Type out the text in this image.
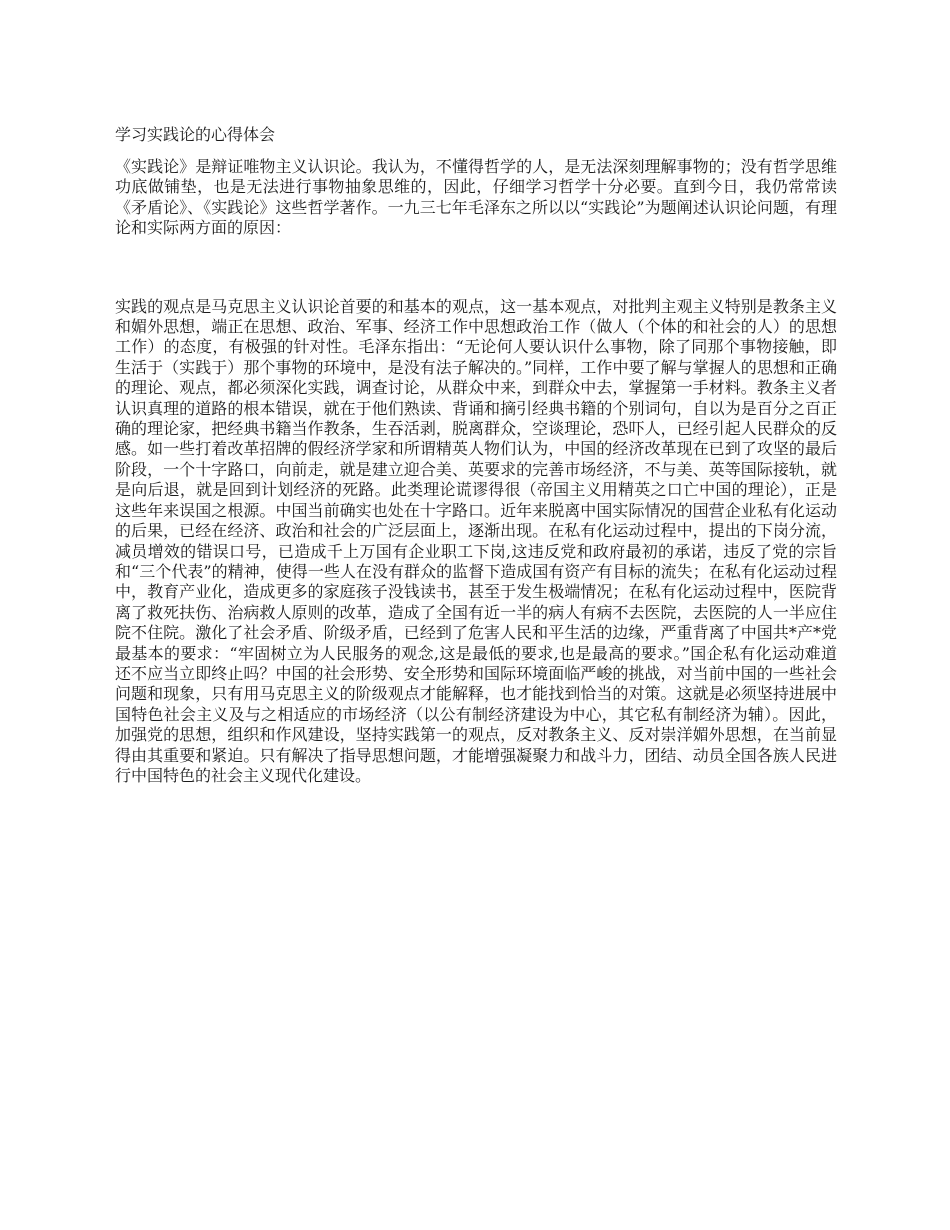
学习实践论的心得体会

《实践论》是辩证唯物主义认识论。我认为，不懂得哲学的人，是无法深刻理解事物的；没有哲学思维功底做铺垫，也是无法进行事物抽象思维的，因此，仔细学习哲学十分必要。直到今日，我仍常常读《矛盾论》、《实践论》这些哲学著作。一九三七年毛泽东之所以以“实践论”为题阐述认识论问题，有理论和实际两方面的原因：

实践的观点是马克思主义认识论首要的和基本的观点，这一基本观点，对批判主观主义特别是教条主义和媚外思想，端正在思想、政治、军事、经济工作中思想政治工作（做人（个体的和社会的人）的思想工作）的态度，有极强的针对性。毛泽东指出：“无论何人要认识什么事物，除了同那个事物接触，即生活于（实践于）那个事物的环境中，是没有法子解决的。”同样，工作中要了解与掌握人的思想和正确的理论、观点，都必须深化实践，调查讨论，从群众中来，到群众中去，掌握第一手材料。教条主义者认识真理的道路的根本错误，就在于他们熟读、背诵和摘引经典书籍的个别词句，自以为是百分之百正确的理论家，把经典书籍当作教条，生吞活剥，脱离群众，空谈理论，恐吓人，已经引起人民群众的反感。如一些打着改革招牌的假经济学家和所谓精英人物们认为，中国的经济改革现在已到了攻坚的最后阶段，一个十字路口，向前走，就是建立迎合美、英要求的完善市场经济，不与美、英等国际接轨，就是向后退，就是回到计划经济的死路。此类理论谎谬得很（帝国主义用精英之口亡中国的理论），正是这些年来误国之根源。中国当前确实也处在十字路口。近年来脱离中国实际情况的国营企业私有化运动的后果，已经在经济、政治和社会的广泛层面上，逐渐出现。在私有化运动过程中，提出的下岗分流，减员增效的错误口号，已造成千上万国有企业职工下岗,这违反党和政府最初的承诺，违反了党的宗旨和“三个代表”的精神，使得一些人在没有群众的监督下造成国有资产有目标的流失；在私有化运动过程中，教育产业化，造成更多的家庭孩子没钱读书，甚至于发生极端情况；在私有化运动过程中，医院背离了救死扶伤、治病救人原则的改革，造成了全国有近一半的病人有病不去医院，去医院的人一半应住院不住院。激化了社会矛盾、阶级矛盾，已经到了危害人民和平生活的边缘，严重背离了中国共*产*党最基本的要求：“牢固树立为人民服务的观念,这是最低的要求,也是最高的要求。”国企私有化运动难道还不应当立即终止吗？中国的社会形势、安全形势和国际环境面临严峻的挑战，对当前中国的一些社会问题和现象，只有用马克思主义的阶级观点才能解释，也才能找到恰当的对策。这就是必须坚持进展中国特色社会主义及与之相适应的市场经济（以公有制经济建设为中心，其它私有制经济为辅）。因此，加强党的思想，组织和作风建设，坚持实践第一的观点，反对教条主义、反对崇洋媚外思想，在当前显得由其重要和紧迫。只有解决了指导思想问题，才能增强凝聚力和战斗力，团结、动员全国各族人民进行中国特色的社会主义现代化建设。
